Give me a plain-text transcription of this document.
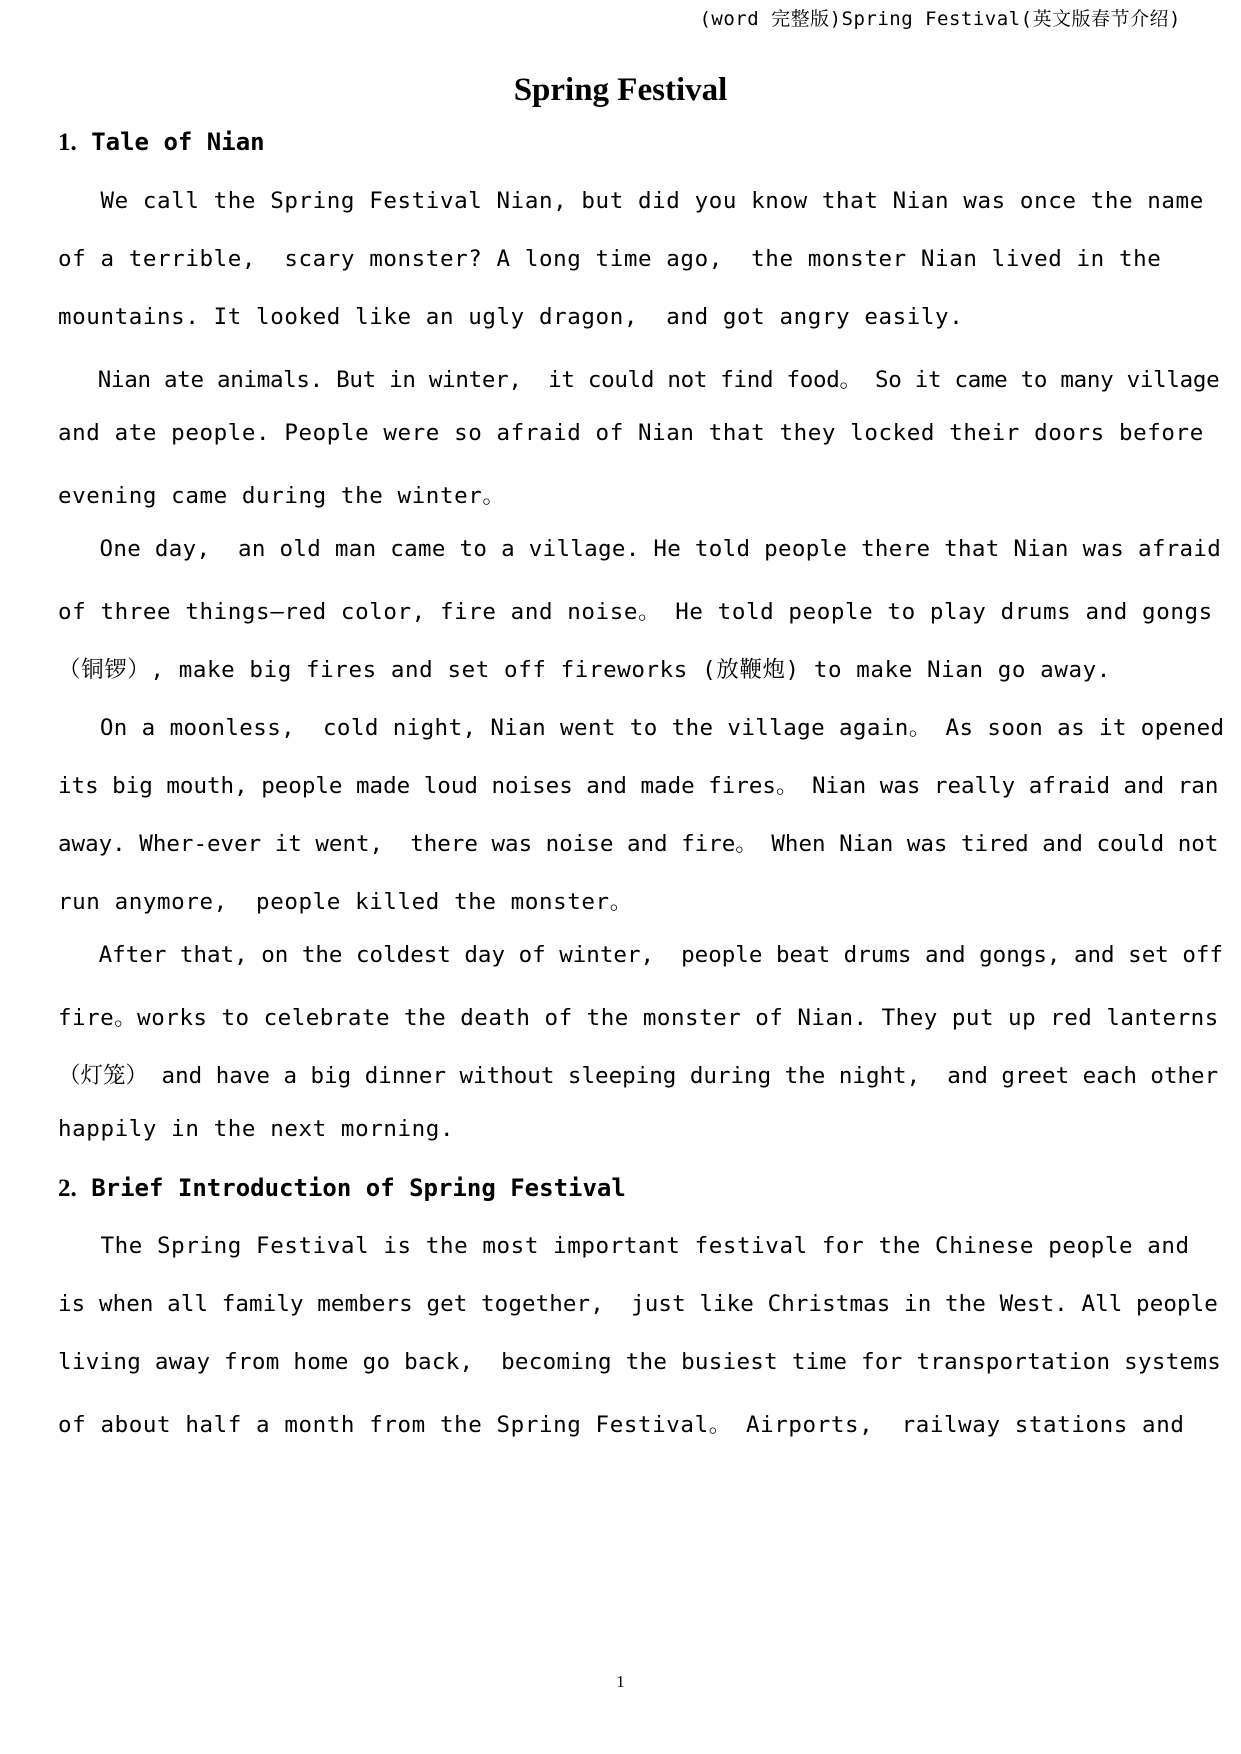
(word 完整版)Spring Festival(英文版春节介绍)
Spring Festival
1. Tale of Nian
We call the Spring Festival Nian, but did you know that Nian was once the name
of a terrible,  scary monster? A long time ago,  the monster Nian lived in the
mountains. It looked like an ugly dragon,  and got angry easily.
Nian ate animals. But in winter,  it could not find food。 So it came to many village
and ate people. People were so afraid of Nian that they locked their doors before
evening came during the winter。
One day,  an old man came to a village. He told people there that Nian was afraid
of three things—red color, fire and noise。 He told people to play drums and gongs
（铜锣）, make big fires and set off fireworks (放鞭炮) to make Nian go away.
On a moonless,  cold night, Nian went to the village again。 As soon as it opened
its big mouth, people made loud noises and made fires。 Nian was really afraid and ran
away. Wher-ever it went,  there was noise and fire。 When Nian was tired and could not
run anymore,  people killed the monster。
After that, on the coldest day of winter,  people beat drums and gongs, and set off
fire。works to celebrate the death of the monster of Nian. They put up red lanterns
（灯笼） and have a big dinner without sleeping during the night,  and greet each other
happily in the next morning.
2. Brief Introduction of Spring Festival
The Spring Festival is the most important festival for the Chinese people and
is when all family members get together,  just like Christmas in the West. All people
living away from home go back,  becoming the busiest time for transportation systems
of about half a month from the Spring Festival。 Airports,  railway stations and
1
